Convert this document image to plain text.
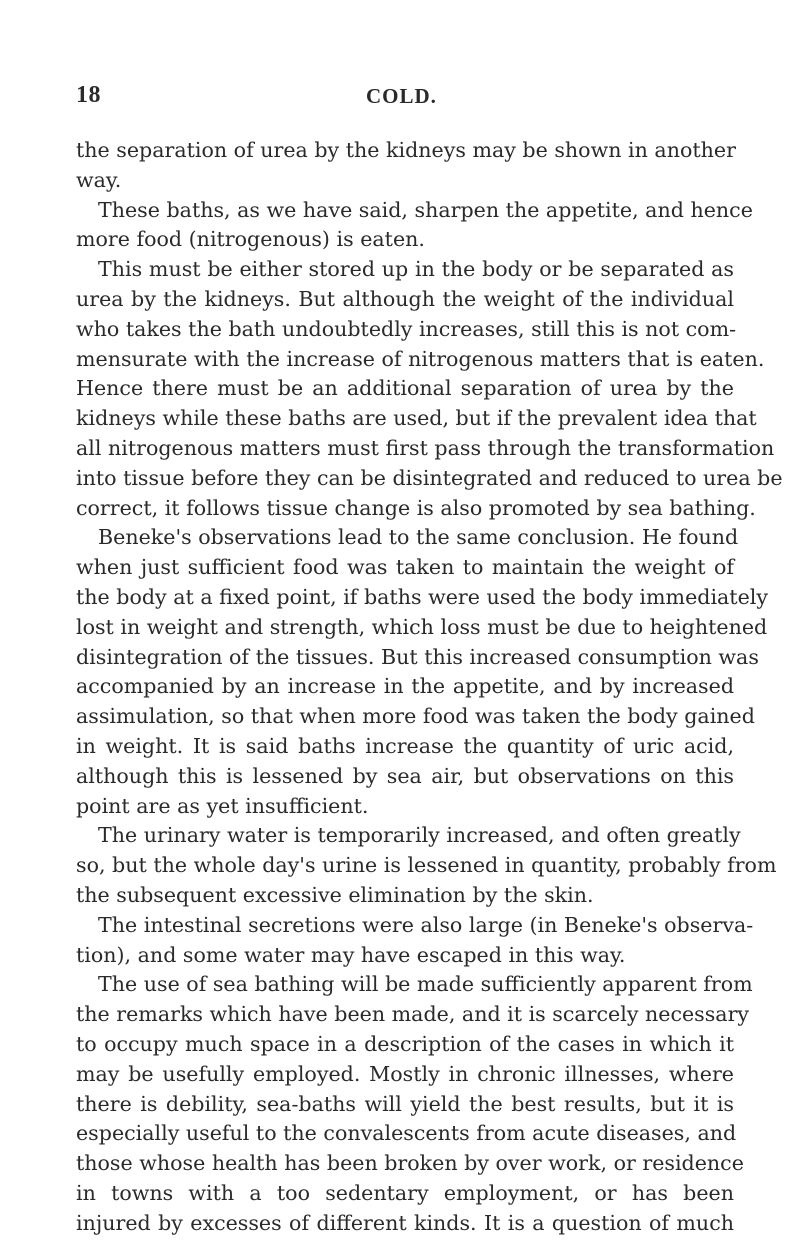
18	COLD.
the separation of urea by the kidneys may be shown in another
way.
These baths, as we have said, sharpen the appetite, and hence
more food (nitrogenous) is eaten.
This must be either stored up in the body or be separated as
urea by the kidneys. But although the weight of the individual
who takes the bath undoubtedly increases, still this is not com-
mensurate with the increase of nitrogenous matters that is eaten.
Hence there must be an additional separation of urea by the
kidneys while these baths are used, but if the prevalent idea that
all nitrogenous matters must first pass through the transformation
into tissue before they can be disintegrated and reduced to urea be
correct, it follows tissue change is also promoted by sea bathing.
Beneke's observations lead to the same conclusion. He found
when just sufficient food was taken to maintain the weight of
the body at a fixed point, if baths were used the body immediately
lost in weight and strength, which loss must be due to heightened
disintegration of the tissues. But this increased consumption was
accompanied by an increase in the appetite, and by increased
assimulation, so that when more food was taken the body gained
in weight. It is said baths increase the quantity of uric acid,
although this is lessened by sea air, but observations on this
point are as yet insufficient.
The urinary water is temporarily increased, and often greatly
so, but the whole day's urine is lessened in quantity, probably from
the subsequent excessive elimination by the skin.
The intestinal secretions were also large (in Beneke's observa-
tion), and some water may have escaped in this way.
The use of sea bathing will be made sufficiently apparent from
the remarks which have been made, and it is scarcely necessary
to occupy much space in a description of the cases in which it
may be usefully employed. Mostly in chronic illnesses, where
there is debility, sea-baths will yield the best results, but it is
especially useful to the convalescents from acute diseases, and
those whose health has been broken by over work, or residence
in towns with a too sedentary employment, or has been
injured by excesses of different kinds. It is a question of much
